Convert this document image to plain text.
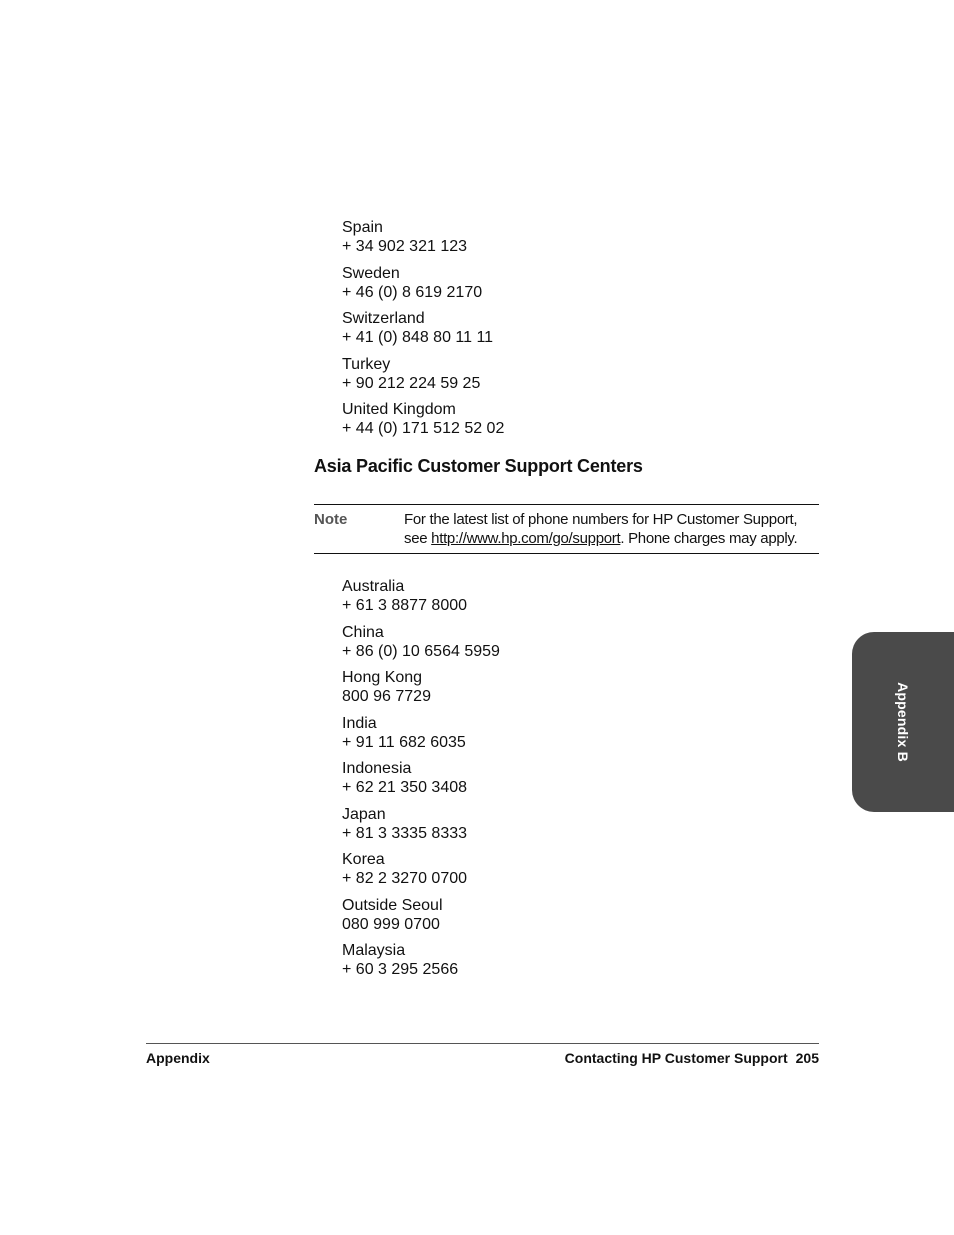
Spain
+ 34 902 321 123
Sweden
+ 46 (0) 8 619 2170
Switzerland
+ 41 (0) 848 80 11 11
Turkey
+ 90 212 224 59 25
United Kingdom
+ 44 (0) 171 512 52 02
Asia Pacific Customer Support Centers
Note	For the latest list of phone numbers for HP Customer Support, see http://www.hp.com/go/support. Phone charges may apply.
Australia
+ 61 3 8877 8000
China
+ 86 (0) 10 6564 5959
Hong Kong
800 96 7729
India
+ 91 11 682 6035
Indonesia
+ 62 21 350 3408
Japan
+ 81 3 3335 8333
Korea
+ 82 2 3270 0700
Outside Seoul
080 999 0700
Malaysia
+ 60 3 295 2566
Appendix	Contacting HP Customer Support 205
Appendix B
